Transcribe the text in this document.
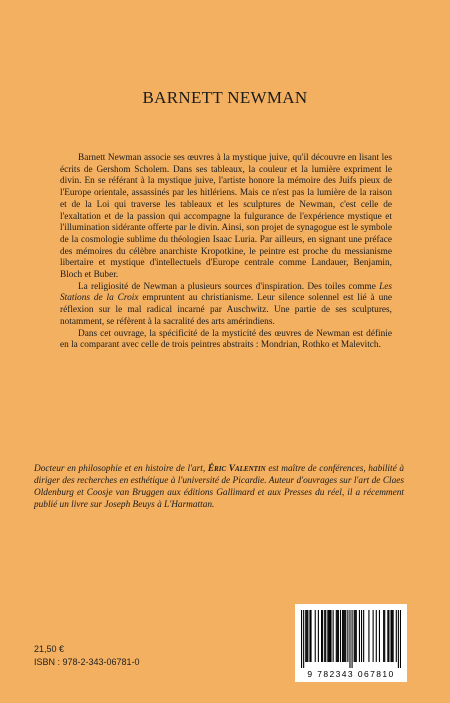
BARNETT NEWMAN

Barnett Newman associe ses œuvres à la mystique juive, qu'il découvre en lisant les écrits de Gershom Scholem. Dans ses tableaux, la couleur et la lumière expriment le divin. En se référant à la mystique juive, l'artiste honore la mémoire des Juifs pieux de l'Europe orientale, assassinés par les hitlériens. Mais ce n'est pas la lumière de la raison et de la Loi qui traverse les tableaux et les sculptures de Newman, c'est celle de l'exaltation et de la passion qui accompagne la fulgurance de l'expérience mystique et l'illumination sidérante offerte par le divin. Ainsi, son projet de synagogue est le symbole de la cosmologie sublime du théologien Isaac Luria. Par ailleurs, en signant une préface des mémoires du célèbre anarchiste Kropotkine, le peintre est proche du messianisme libertaire et mystique d'intellectuels d'Europe centrale comme Landauer, Benjamin, Bloch et Buber.

La religiosité de Newman a plusieurs sources d'inspiration. Des toiles comme Les Stations de la Croix empruntent au christianisme. Leur silence solennel est lié à une réflexion sur le mal radical incarné par Auschwitz. Une partie de ses sculptures, notamment, se réfèrent à la sacralité des arts amérindiens.

Dans cet ouvrage, la spécificité de la mysticité des œuvres de Newman est définie en la comparant avec celle de trois peintres abstraits : Mondrian, Rothko et Malevitch.

Docteur en philosophie et en histoire de l'art, Éric Valentin est maître de conférences, habilité à diriger des recherches en esthétique à l'université de Picardie. Auteur d'ouvrages sur l'art de Claes Oldenburg et Coosje van Bruggen aux éditions Gallimard et aux Presses du réel, il a récemment publié un livre sur Joseph Beuys à L'Harmattan.
21,50 €
ISBN : 978-2-343-06781-0
9 782343 067810
